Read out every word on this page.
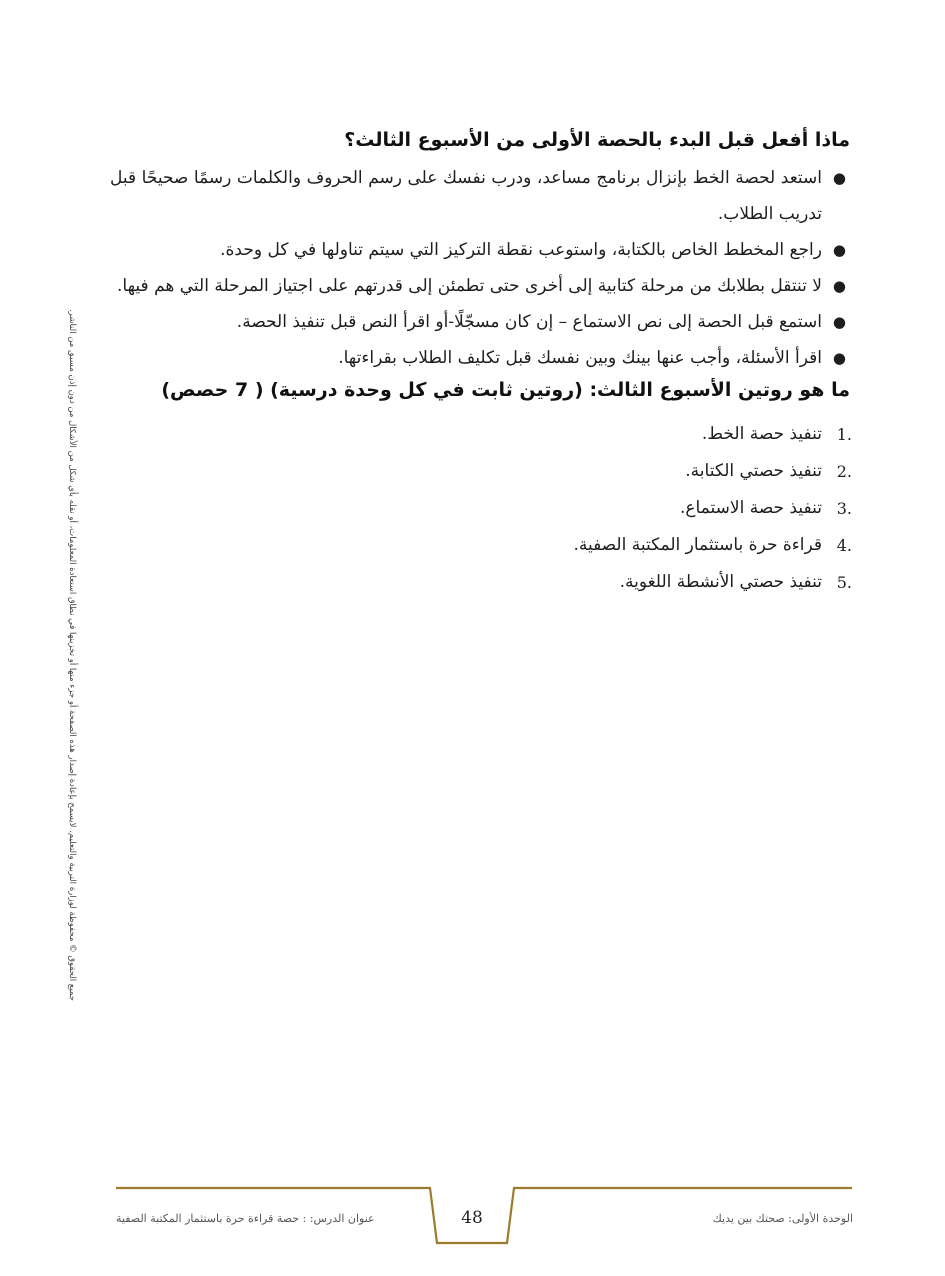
ماذا أفعل قبل البدء بالحصة الأولى من الأسبوع الثالث؟
●
استعد لحصة الخط بإنزال برنامج مساعد، ودرب نفسك على رسم الحروف والكلمات رسمًا صحيحًا قبل تدريب الطلاب.
●
راجع المخطط الخاص بالكتابة، واستوعب نقطة التركيز التي سيتم تناولها في كل وحدة.
●
لا تنتقل بطلابك من مرحلة كتابية إلى أخرى حتى تطمئن إلى قدرتهم على اجتياز المرحلة التي هم فيها.
●
استمع قبل الحصة إلى نص الاستماع – إن كان مسجّلًا-أو اقرأ النص قبل تنفيذ الحصة.
●
اقرأ الأسئلة، وأجب عنها بينك وبين نفسك قبل تكليف الطلاب بقراءتها.
ما هو روتين الأسبوع الثالث: (روتين ثابت في كل وحدة درسية) ( 7 حصص)
1.
تنفيذ حصة الخط.
2.
تنفيذ حصتي الكتابة.
3.
تنفيذ حصة الاستماع.
4.
قراءة حرة باستثمار المكتبة الصفية.
5.
تنفيذ حصتي الأنشطة اللغوية.
جميع الحقوق © محفوظة لوزارة التربية والتعليم. لايسمح بإعادة إصدار هذه الصفحة أو جزء منها أو تخزينها في نطاق استعادة المعلومات، أو نقله بأي شكل من الأشكال من دون إذن مسبق من الناشر.
عنوان الدرس: : حصة قراءة حرة باستثمار المكتبة الصفية	48	الوحدة الأولى: صحتك بين يديك
